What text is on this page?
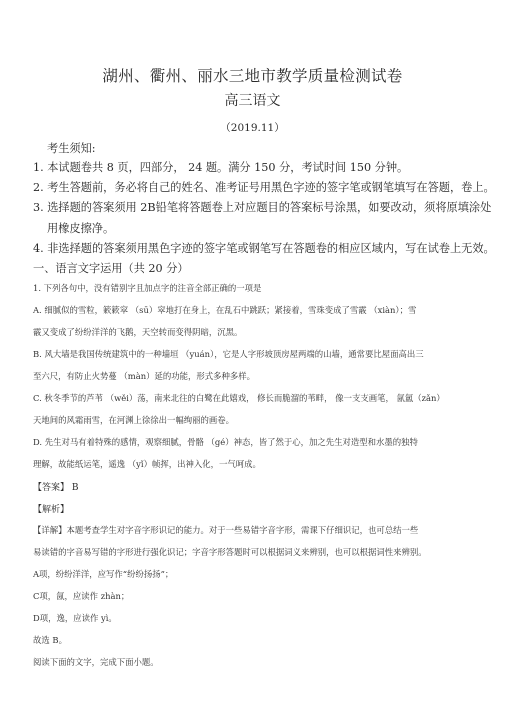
湖州、衢州、丽水三地市教学质量检测试卷
高三语文
（2019.11）
考生须知:
1. 本试题卷共 8 页，四部分， 24 题。满分 150 分，考试时间 150 分钟。
2. 考生答题前，务必将自己的姓名、准考证号用黑色字迹的签字笔或钢笔填写在答题，卷上。
3. 选择题的答案须用 2B铅笔将答题卷上对应题目的答案标号涂黑，如要改动，须将原填涂处
用橡皮擦净。
4. 非选择题的答案须用黑色字迹的签字笔或钢笔写在答题卷的相应区域内，写在试卷上无效。
一、语言文字运用（共 20 分）
1. 下列各句中，没有错别字且加点字的注音全部正确的一项是
A. 细腻似的雪粒，簌簌窣 （sū）窣地打在身上，在乱石中跳跃；紧接着，雪珠变成了雪霰 （xiàn）；雪
霰又变成了纷纷洋洋的飞鹅，天空转而变得阴暗，沉黑。
B. 风大墙是我国传统建筑中的一种墙垣 （yuán），它是人字形坡顶房屋两端的山墙，通常要比屋面高出三
至六尺，有防止火势蔓 （màn）延的功能，形式多种多样。
C. 秋冬季节的芦苇 （wěi）荡，南来北往的白鹭在此嬉戏， 修长而脆溜的苇畔， 像一支支画笔， 氤氲（zǎn）
天地间的风霜雨雪，在河渊上徐徐出一幅绚丽的画卷。
D. 先生对马有着特殊的感情，观察细腻，骨骼 （gé）神态，皆了然于心，加之先生对造型和水墨的独特
理解，故能纸运笔，遥逸 （yǐ）帧挥，出神入化，一气呵成。
【答案】 B
【解析】
【详解】本题考查学生对字音字形识记的能力。对于一些易错字音字形，需课下仔细识记，也可总结一些
易读错的字音易写错的字形进行强化识记；字音字形答题时可以根据词义来辨别，也可以根据词性来辨别。
A项，纷纷洋洋，应写作“纷纷扬扬”；
C项，氤，应读作 zhàn；
D项，逸，应读作 yì。
故选 B。
阅读下面的文字，完成下面小题。
